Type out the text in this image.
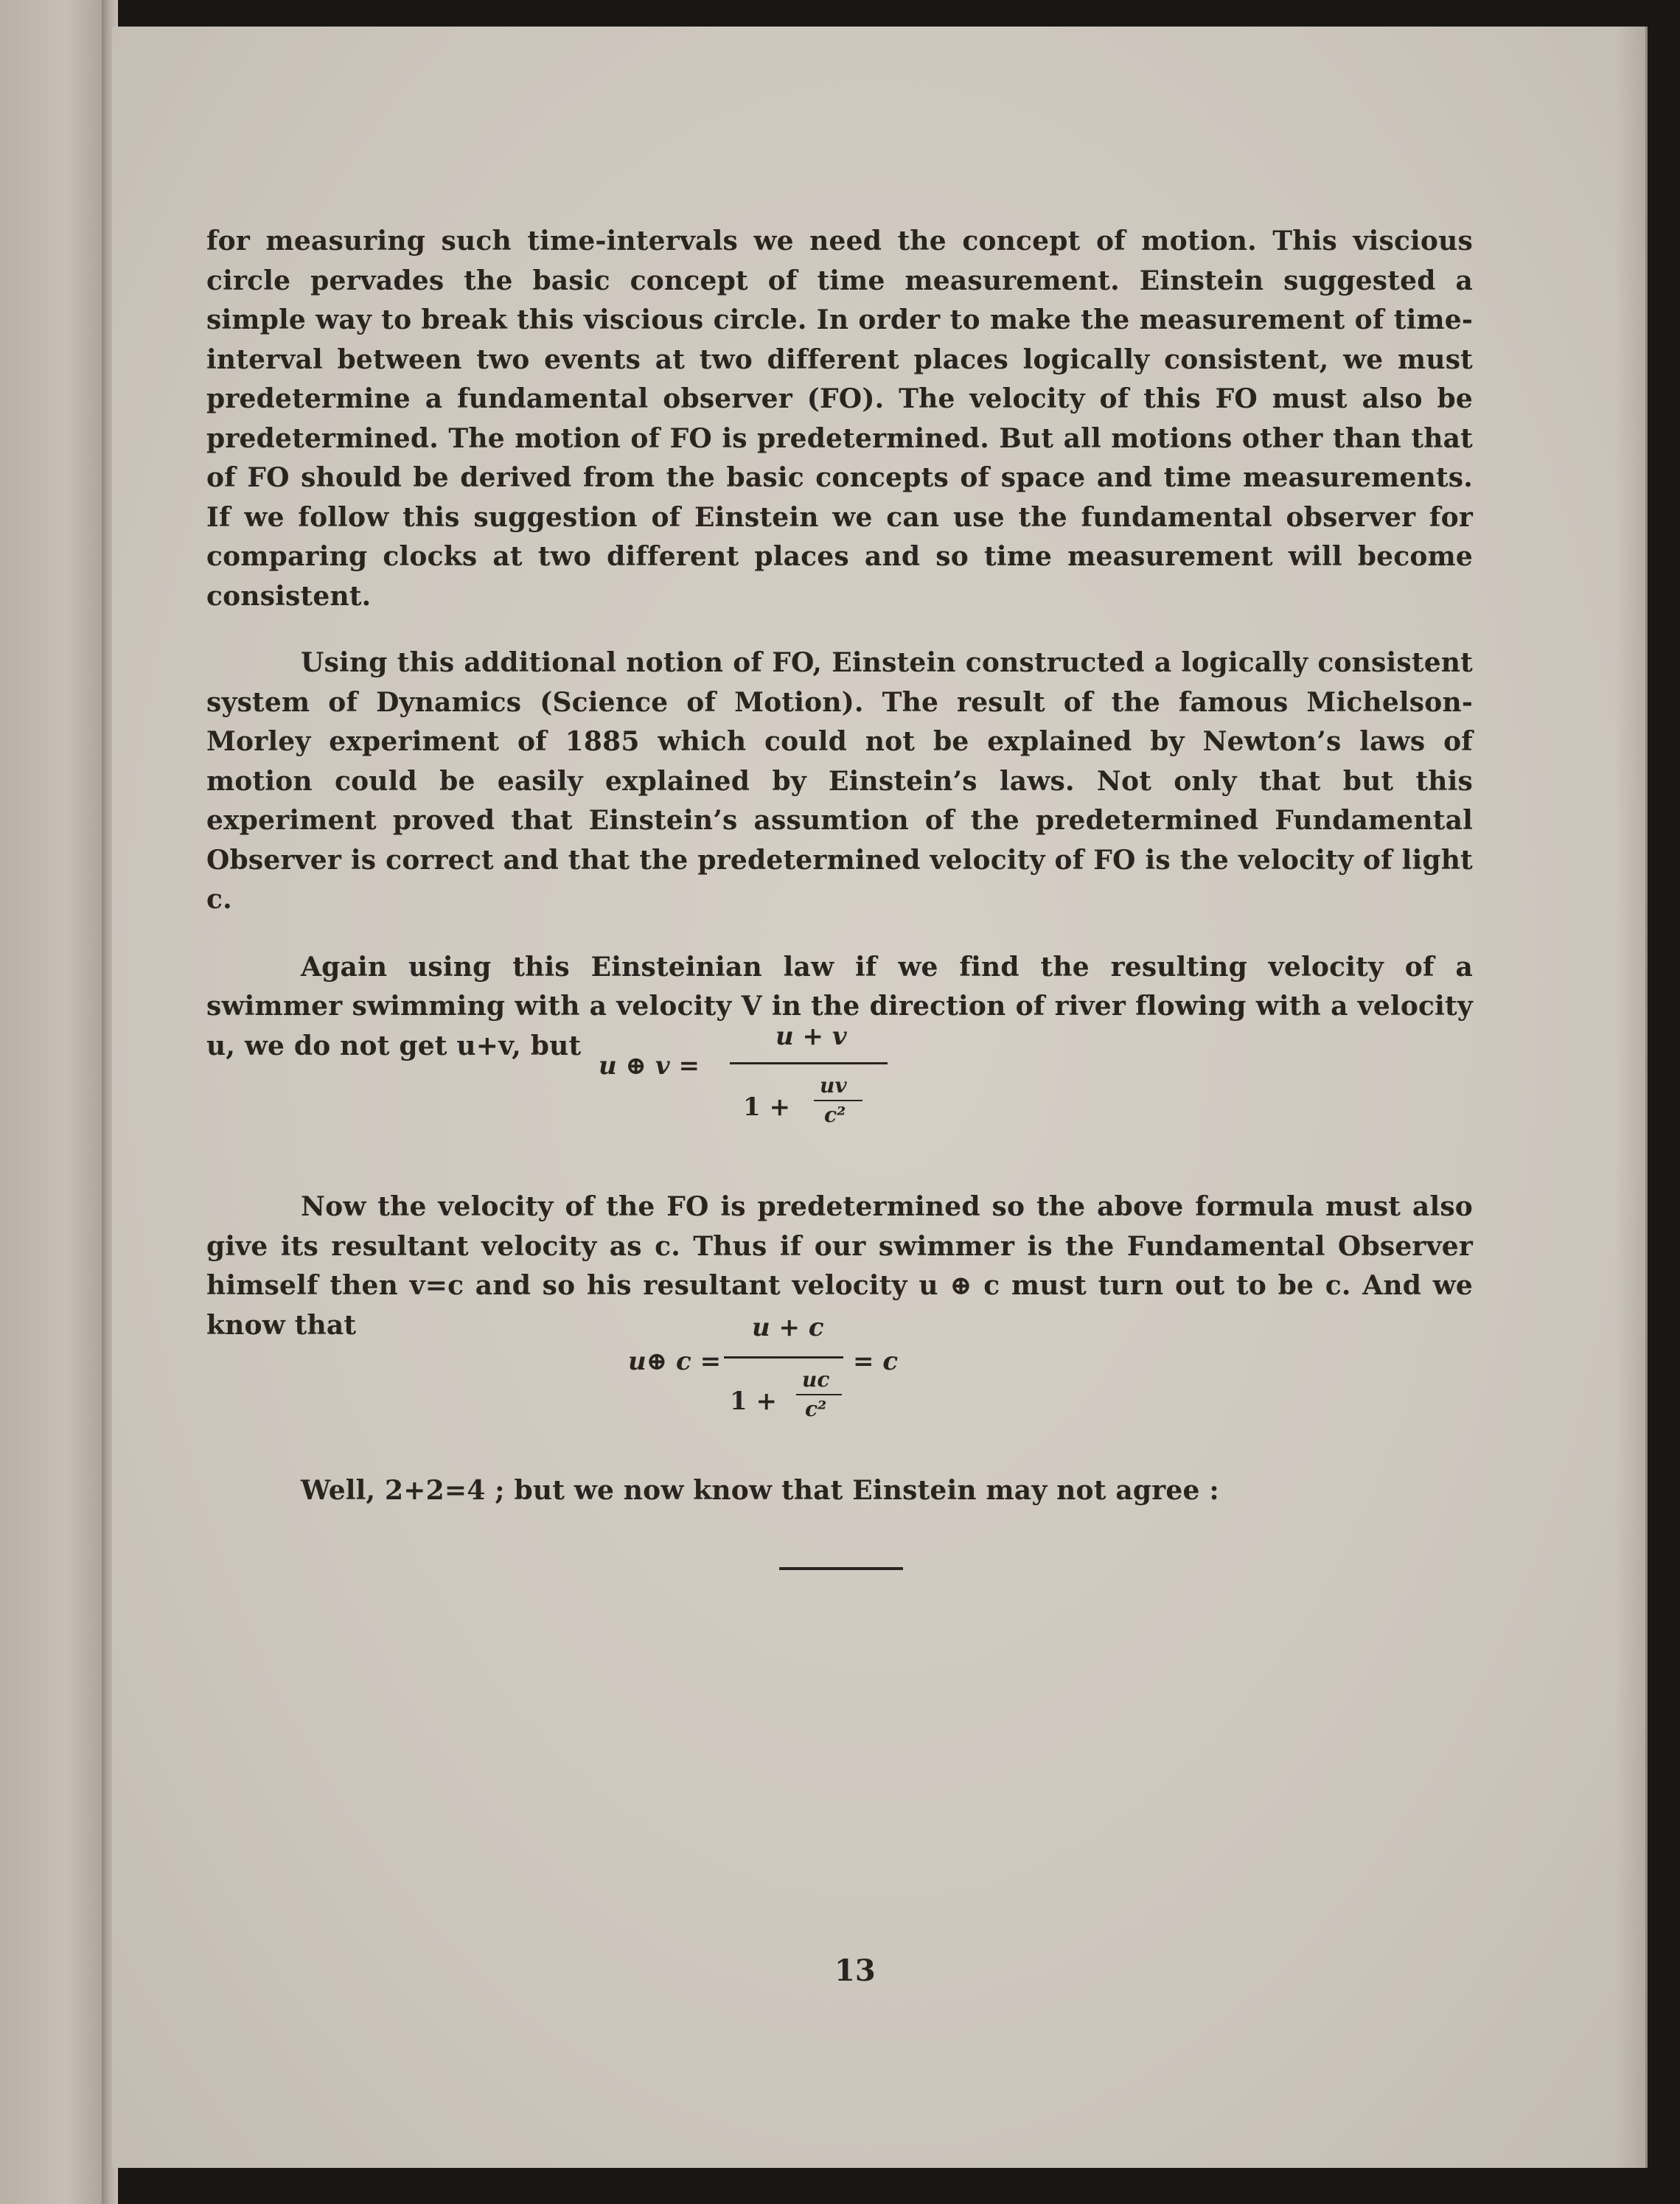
for measuring such time-intervals we need the concept of motion. This viscious circle pervades the basic concept of time measurement. Einstein suggested a simple way to break this viscious circle. In order to make the measurement of time-interval between two events at two different places logically consistent, we must predetermine a fundamental observer (FO). The velocity of this FO must also be predetermined. The motion of FO is predetermined. But all motions other than that of FO should be derived from the basic concepts of space and time measurements. If we follow this suggestion of Einstein we can use the fundamental observer for comparing clocks at two different places and so time measurement will become consistent.

Using this additional notion of FO, Einstein constructed a logically consistent system of Dynamics (Science of Motion). The result of the famous Michelson-Morley experiment of 1885 which could not be explained by Newton’s laws of motion could be easily explained by Einstein’s laws. Not only that but this experiment proved that Einstein’s assumtion of the predetermined Fundamental Observer is correct and that the predetermined velocity of FO is the velocity of light c.

Again using this Einsteinian law if we find the resulting velocity of a swimmer swimming with a velocity V in the direction of river flowing with a velocity u, we do not get u+v, but

u ⊕ v =
u + v
1 +
uv
c²

Now the velocity of the FO is predetermined so the above formula must also give its resultant velocity as c. Thus if our swimmer is the Fundamental Observer himself then v=c and so his resultant velocity u ⊕ c must turn out to be c. And we know that

u⊕ c =
u + c
= c
1 +
uc
c²

Well, 2+2=4 ; but we now know that Einstein may not agree :

13
